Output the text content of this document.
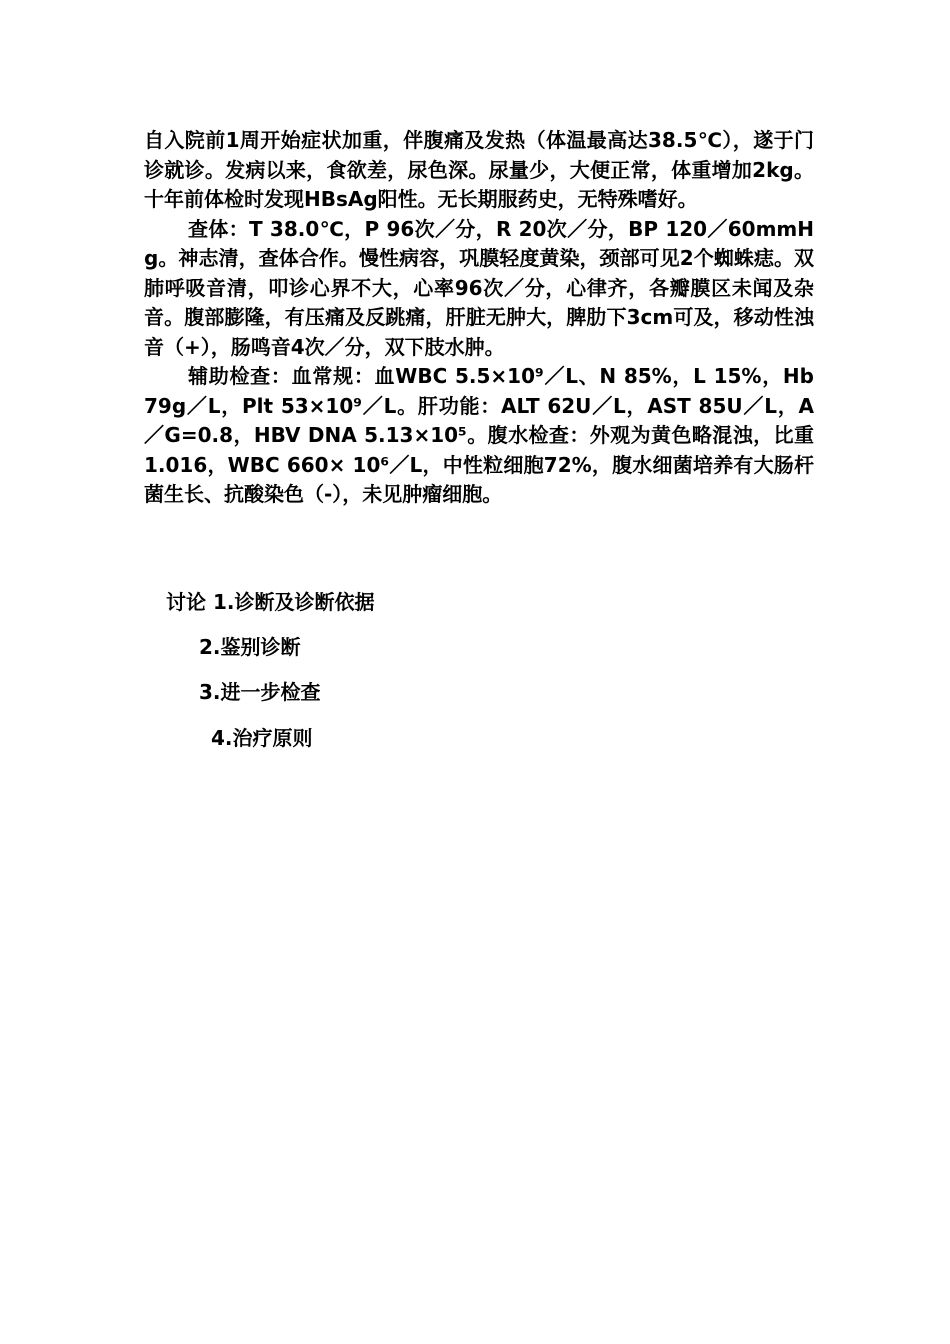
自入院前1周开始症状加重，伴腹痛及发热（体温最高达38.5℃），遂于门诊就诊。发病以来，食欲差，尿色深。尿量少，大便正常，体重增加2kg。十年前体检时发现HBsAg阳性。无长期服药史，无特殊嗜好。

查体：T 38.0℃，P 96次／分，R 20次／分，BP 120／60mmHg。神志清，查体合作。慢性病容，巩膜轻度黄染，颈部可见2个蜘蛛痣。双肺呼吸音清，叩诊心界不大，心率96次／分，心律齐，各瓣膜区未闻及杂音。腹部膨隆，有压痛及反跳痛，肝脏无肿大，脾肋下3cm可及，移动性浊音（+），肠鸣音4次／分，双下肢水肿。

辅助检查：血常规：血WBC 5.5×10⁹／L、N 85%，L 15%，Hb 79g／L，Plt 53×10⁹／L。肝功能：ALT 62U／L，AST 85U／L，A／G=0.8，HBV DNA 5.13×10⁵。腹水检查：外观为黄色略混浊，比重1.016，WBC 660× 10⁶／L，中性粒细胞72%，腹水细菌培养有大肠杆菌生长、抗酸染色（-），未见肿瘤细胞。

讨论 1.诊断及诊断依据
2.鉴别诊断
3.进一步检查
4.治疗原则
